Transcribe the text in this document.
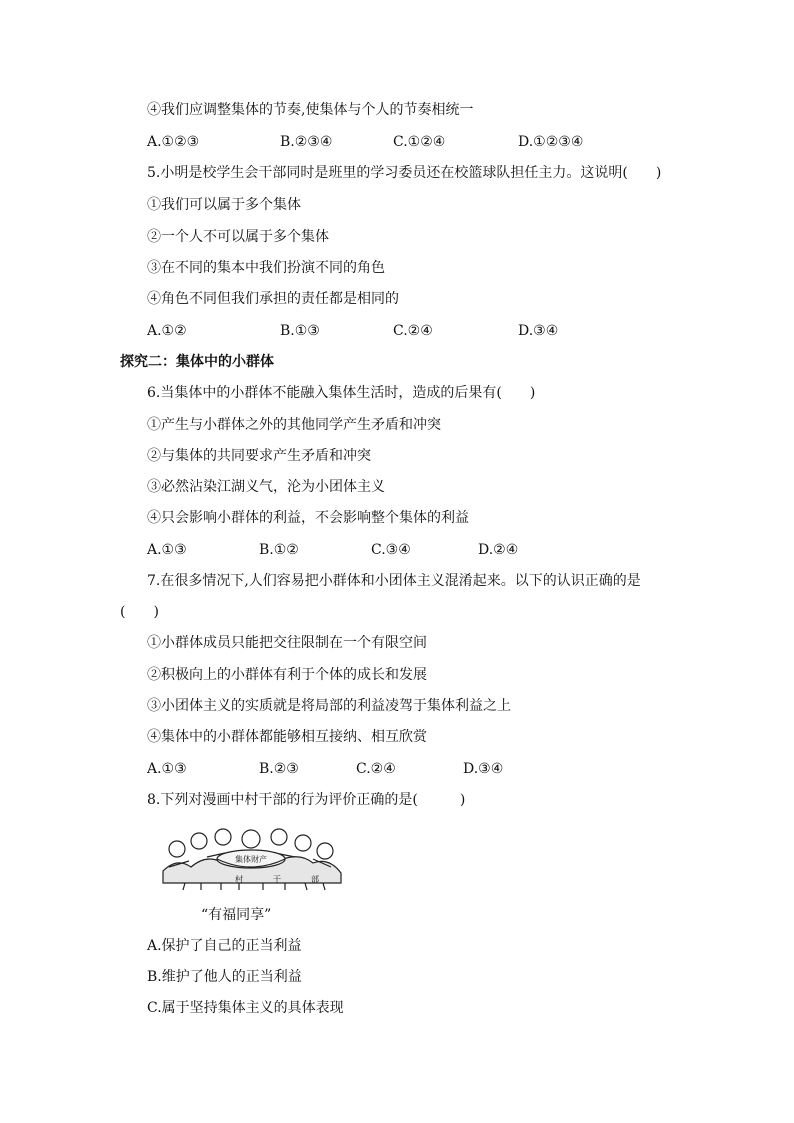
④我们应调整集体的节奏,使集体与个人的节奏相统一
A.①②③	B.②③④	C.①②④	D.①②③④
5.小明是校学生会干部同时是班里的学习委员还在校篮球队担任主力。这说明(　　)
①我们可以属于多个集体
②一个人不可以属于多个集体
③在不同的集本中我们扮演不同的角色
④角色不同但我们承担的责任都是相同的
A.①②	B.①③	C.②④	D.③④
探究二：集体中的小群体
6.当集体中的小群体不能融入集体生活时，造成的后果有(　　)
①产生与小群体之外的其他同学产生矛盾和冲突
②与集体的共同要求产生矛盾和冲突
③必然沾染江湖义气，沦为小团体主义
④只会影响小群体的利益，不会影响整个集体的利益
A.①③	B.①②	C.③④	D.②④
7.在很多情况下,人们容易把小群体和小团体主义混淆起来。以下的认识正确的是
(　　)
①小群体成员只能把交往限制在一个有限空间
②积极向上的小群体有利于个体的成长和发展
③小团体主义的实质就是将局部的利益凌驾于集体利益之上
④集体中的小群体都能够相互接纳、相互欣赏
A.①③	B.②③	C.②④	D.③④
8.下列对漫画中村干部的行为评价正确的是(　　　)
集体财产
村	干	部
“有福同享”
A.保护了自己的正当利益
B.维护了他人的正当利益
C.属于坚持集体主义的具体表现
